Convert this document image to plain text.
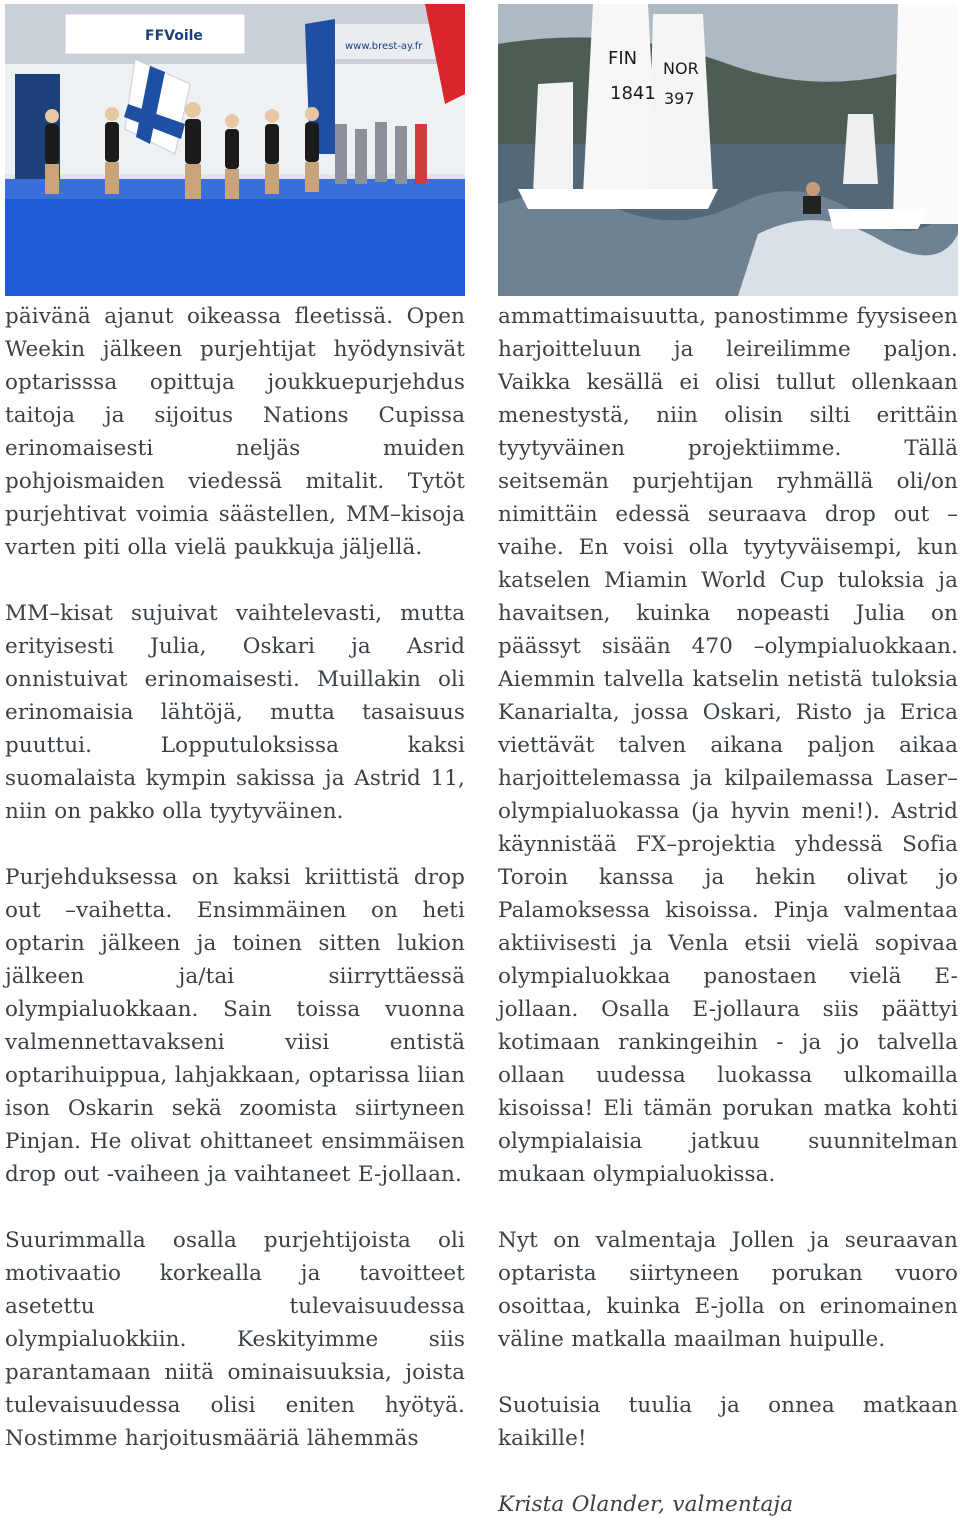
www.brest-ay.fr
FFVoile
FIN
1841
NOR
397

päivänä ajanut oikeassa fleetissä. Open Weekin jälkeen purjehtijat hyödynsivät optarisssa opittuja joukkuepurjehdus taitoja ja sijoitus Nations Cupissa erinomaisesti neljäs muiden pohjoismaiden viedessä mitalit. Tytöt purjehtivat voimia säästellen, MM–kisoja varten piti olla vielä paukkuja jäljellä.

MM–kisat sujuivat vaihtelevasti, mutta erityisesti Julia, Oskari ja Asrid onnistuivat erinomaisesti. Muillakin oli erinomaisia lähtöjä, mutta tasaisuus puuttui. Lopputuloksissa kaksi suomalaista kympin sakissa ja Astrid 11, niin on pakko olla tyytyväinen.

Purjehduksessa on kaksi kriittistä drop out –vaihetta. Ensimmäinen on heti optarin jälkeen ja toinen sitten lukion jälkeen ja/tai siirryttäessä olympialuokkaan. Sain toissa vuonna valmennettavakseni viisi entistä optarihuippua, lahjakkaan, optarissa liian ison Oskarin sekä zoomista siirtyneen Pinjan. He olivat ohittaneet ensimmäisen drop out -vaiheen ja vaihtaneet E-jollaan.

Suurimmalla osalla purjehtijoista oli motivaatio korkealla ja tavoitteet asetettu tulevaisuudessa olympialuokkiin. Keskityimme siis parantamaan niitä ominaisuuksia, joista tulevaisuudessa olisi eniten hyötyä. Nostimme harjoitusmääriä lähemmäs

ammattimaisuutta, panostimme fyysiseen harjoitteluun ja leireilimme paljon. Vaikka kesällä ei olisi tullut ollenkaan menestystä, niin olisin silti erittäin tyytyväinen projektiimme. Tällä seitsemän purjehtijan ryhmällä oli/on nimittäin edessä seuraava drop out –vaihe. En voisi olla tyytyväisempi, kun katselen Miamin World Cup tuloksia ja havaitsen, kuinka nopeasti Julia on päässyt sisään 470 –olympialuokkaan. Aiemmin talvella katselin netistä tuloksia Kanarialta, jossa Oskari, Risto ja Erica viettävät talven aikana paljon aikaa harjoittelemassa ja kilpailemassa Laser–olympialuokassa (ja hyvin meni!). Astrid käynnistää FX–projektia yhdessä Sofia Toroin kanssa ja hekin olivat jo Palamoksessa kisoissa. Pinja valmentaa aktiivisesti ja Venla etsii vielä sopivaa olympialuokkaa panostaen vielä E-jollaan. Osalla E-jollaura siis päättyi kotimaan rankingeihin - ja jo talvella ollaan uudessa luokassa ulkomailla kisoissa! Eli tämän porukan matka kohti olympialaisia jatkuu suunnitelman mukaan olympialuokissa.

Nyt on valmentaja Jollen ja seuraavan optarista siirtyneen porukan vuoro osoittaa, kuinka E-jolla on erinomainen väline matkalla maailman huipulle.

Suotuisia tuulia ja onnea matkaan kaikille!

Krista Olander, valmentaja
